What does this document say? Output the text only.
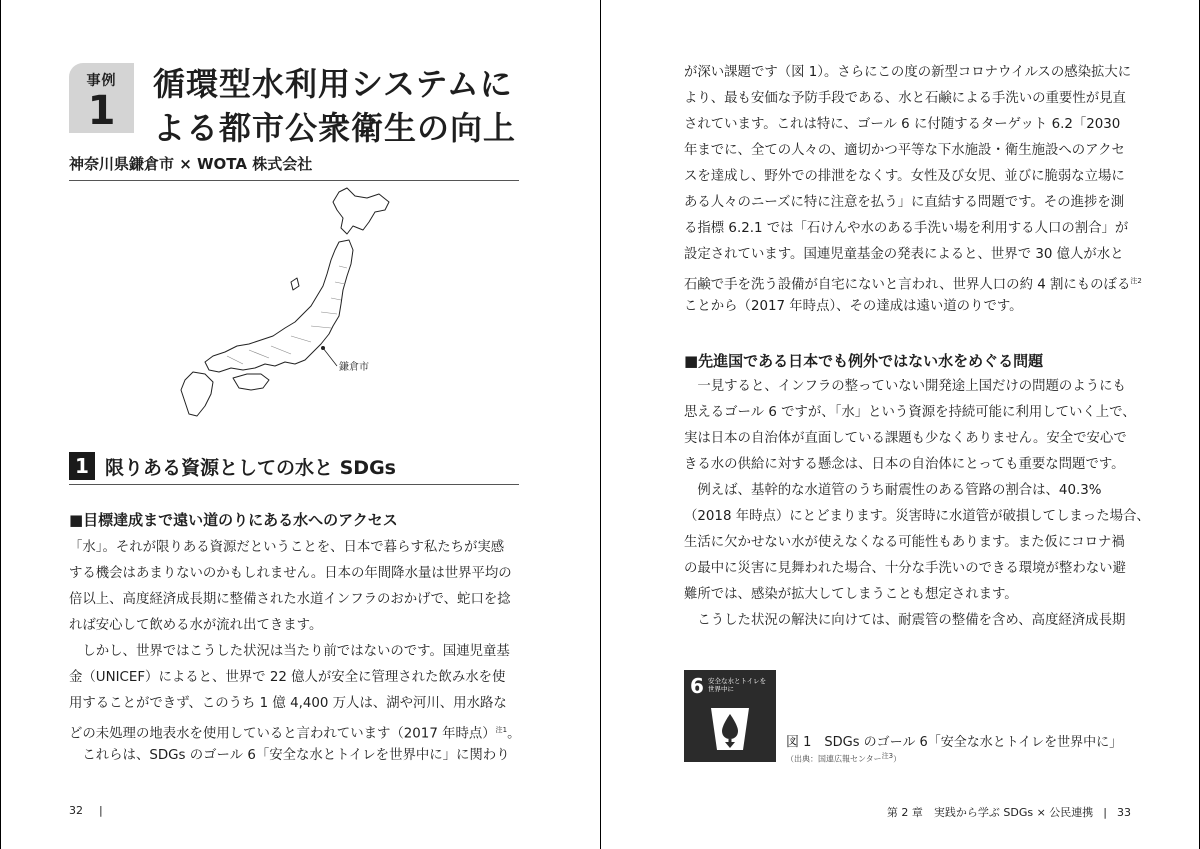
事例
1
循環型水利用システムに
よる都市公衆衛生の向上
神奈川県鎌倉市 × WOTA 株式会社
鎌倉市
1 限りある資源としての水と SDGs
■目標達成まで遠い道のりにある水へのアクセス
「水」。それが限りある資源だということを、日本で暮らす私たちが実感
する機会はあまりないのかもしれません。日本の年間降水量は世界平均の
倍以上、高度経済成長期に整備された水道インフラのおかげで、蛇口を捻
れば安心して飲める水が流れ出てきます。
　しかし、世界ではこうした状況は当たり前ではないのです。国連児童基
金（UNICEF）によると、世界で 22 億人が安全に管理された飲み水を使
用することができず、このうち 1 億 4,400 万人は、湖や河川、用水路な
どの未処理の地表水を使用していると言われています（2017 年時点）$^{注1}$。
　これらは、SDGs のゴール 6「安全な水とトイレを世界中に」に関わり
32 |
が深い課題です（図 1）。さらにこの度の新型コロナウイルスの感染拡大に
より、最も安価な予防手段である、水と石鹸による手洗いの重要性が見直
されています。これは特に、ゴール 6 に付随するターゲット 6.2「2030
年までに、全ての人々の、適切かつ平等な下水施設・衛生施設へのアクセ
スを達成し、野外での排泄をなくす。女性及び女児、並びに脆弱な立場に
ある人々のニーズに特に注意を払う」に直結する問題です。その進捗を測
る指標 6.2.1 では「石けんや水のある手洗い場を利用する人口の割合」が
設定されています。国連児童基金の発表によると、世界で 30 億人が水と
石鹸で手を洗う設備が自宅にないと言われ、世界人口の約 4 割にものぼる$^{注2}$
ことから（2017 年時点）、その達成は遠い道のりです。
■先進国である日本でも例外ではない水をめぐる問題
　一見すると、インフラの整っていない開発途上国だけの問題のようにも
思えるゴール 6 ですが、「水」という資源を持続可能に利用していく上で、
実は日本の自治体が直面している課題も少なくありません。安全で安心で
きる水の供給に対する懸念は、日本の自治体にとっても重要な問題です。
　例えば、基幹的な水道管のうち耐震性のある管路の割合は、40.3%
（2018 年時点）にとどまります。災害時に水道管が破損してしまった場合、
生活に欠かせない水が使えなくなる可能性もあります。また仮にコロナ禍
の最中に災害に見舞われた場合、十分な手洗いのできる環境が整わない避
難所では、感染が拡大してしまうことも想定されます。
　こうした状況の解決に向けては、耐震管の整備を含め、高度経済成長期
第 2 章　実践から学ぶ SDGs × 公民連携 | 33
6 安全な水とトイレを世界中に
図 1　SDGs のゴール 6「安全な水とトイレを世界中に」
（出典：国連広報センター注3）
